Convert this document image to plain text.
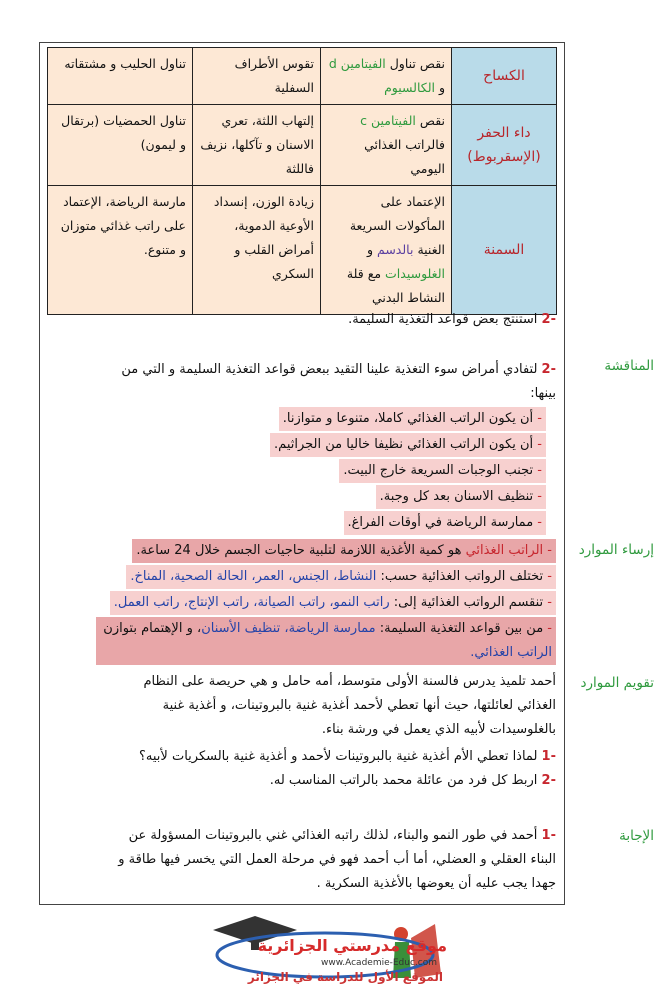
الكساح	نقص تناول الفيتامين d و الكالسيوم	تقوس الأطراف السفلية	تناول الحليب و مشتقاته
داء الحفر (الإسقربوط)	نقص الفيتامين c فالراتب الغذائي اليومي	إلتهاب اللثة، تعري الاسنان و تآكلها، نزيف فاللثة	تناول الحمضيات (برتقال و ليمون)
السمنة	الإعتماد على المأكولات السريعة الغنية بالدسم و الغلوسيدات مع قلة النشاط البدني	زيادة الوزن، إنسداد الأوعية الدموية، أمراض القلب و السكري	مارسة الرياضة، الإعتماد على راتب غذائي متوزان و متنوع.
-2 استنتج بعض قواعد التغذية السليمة.
المناقشة
-2 لتفادي أمراض سوء التغذية علينا التقيد ببعض قواعد التغذية السليمة و التي من بينها:
- أن يكون الراتب الغذائي كاملا، متنوعا و متوازنا.
- أن يكون الراتب الغذائي نظيفا خاليا من الجراثيم.
- تجنب الوجبات السريعة خارج البيت.
- تنظيف الاسنان بعد كل وجبة.
- ممارسة الرياضة في أوقات الفراغ.
إرساء الموارد
- الراتب الغذائي هو كمية الأغذية اللازمة لتلبية حاجيات الجسم خلال 24 ساعة.
- تختلف الرواتب الغذائية حسب: النشاط، الجنس، العمر، الحالة الصحية، المناخ.
- تنقسم الرواتب الغذائية إلى: راتب النمو، راتب الصيانة، راتب الإنتاج، راتب العمل.
- من بين قواعد التغذية السليمة: ممارسة الرياضة، تنظيف الأسنان، و الإهتمام بتوازن الراتب الغذائي.
تقويم الموارد
أحمد تلميذ يدرس فالسنة الأولى متوسط، أمه حامل و هي حريصة على النظام الغذائي لعائلتها، حيث أنها تعطي لأحمد أغذية غنية بالبروتينات، و أغذية غنية بالغلوسيدات لأبيه الذي يعمل في ورشة بناء.
-1 لماذا تعطي الأم أغذية غنية بالبروتينات لأحمد و أغذية غنية بالسكريات لأبيه؟
-2 اربط كل فرد من عائلة محمد بالراتب المناسب له.
الإجابة
-1 أحمد في طور النمو والبناء، لذلك راتبه الغذائي غني بالبروتينات المسؤولة عن البناء العقلي و العضلي، أما أب أحمد فهو في مرحلة العمل التي يخسر فيها طاقة و جهدا يجب عليه أن يعوضها بالأغذية السكرية .
موقع مدرستي الجزائرية
www.Academie-Educ.com
الموقع الأول للدراسة في الجزائر
